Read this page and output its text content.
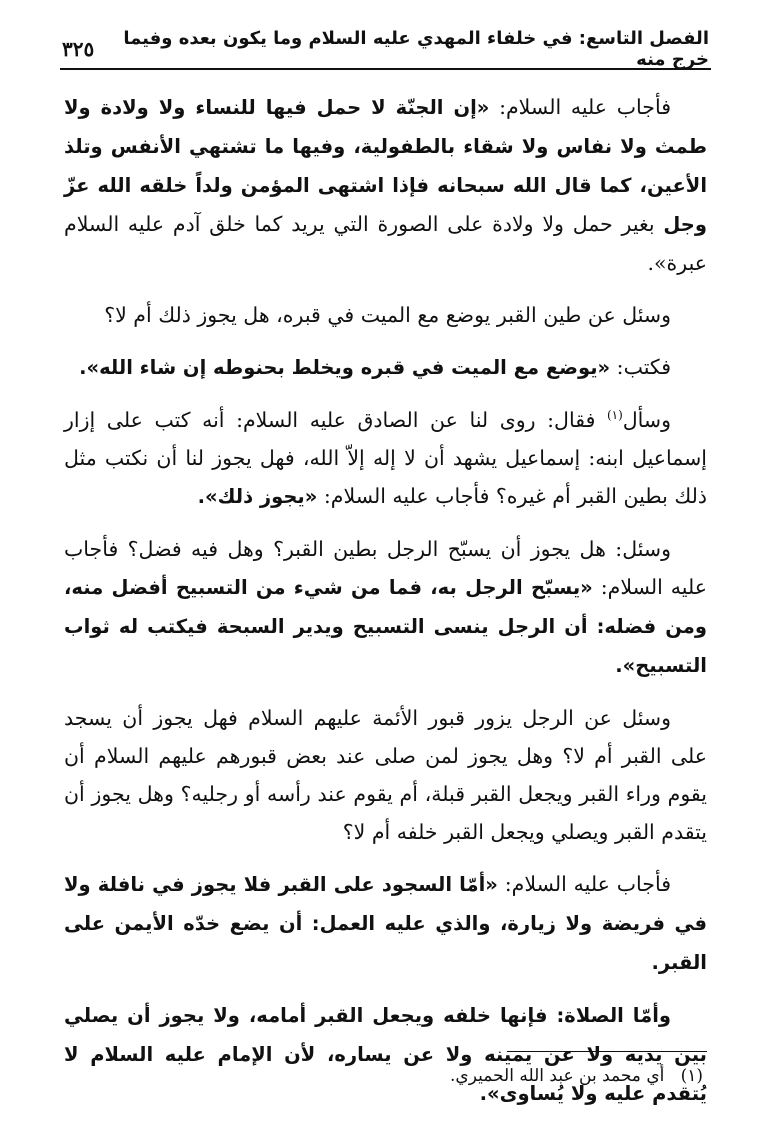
الفصل التاسع: في خلفاء المهدي عليه السلام وما يكون بعده وفيما خرج منه
٣٢٥

فأجاب عليه السلام: «إن الجنّة لا حمل فيها للنساء ولا ولادة ولا طمث ولا نفاس ولا شقاء بالطفولية، وفيها ما تشتهي الأنفس وتلذ الأعين، كما قال الله سبحانه فإذا اشتهى المؤمن ولداً خلقه الله عزّ وجل بغير حمل ولا ولادة على الصورة التي يريد كما خلق آدم عليه السلام عبرة».

وسئل عن طين القبر يوضع مع الميت في قبره، هل يجوز ذلك أم لا؟

فكتب: «يوضع مع الميت في قبره ويخلط بحنوطه إن شاء الله».

وسأل$^{(١)}$ فقال: روى لنا عن الصادق عليه السلام: أنه كتب على إزار إسماعيل ابنه: إسماعيل يشهد أن لا إله إلاّ الله، فهل يجوز لنا أن نكتب مثل ذلك بطين القبر أم غيره؟ فأجاب عليه السلام: «يجوز ذلك».

وسئل: هل يجوز أن يسبّح الرجل بطين القبر؟ وهل فيه فضل؟ فأجاب عليه السلام: «يسبّح الرجل به، فما من شيء من التسبيح أفضل منه، ومن فضله: أن الرجل ينسى التسبيح ويدير السبحة فيكتب له ثواب التسبيح».

وسئل عن الرجل يزور قبور الأئمة عليهم السلام فهل يجوز أن يسجد على القبر أم لا؟ وهل يجوز لمن صلى عند بعض قبورهم عليهم السلام أن يقوم وراء القبر ويجعل القبر قبلة، أم يقوم عند رأسه أو رجليه؟ وهل يجوز أن يتقدم القبر ويصلي ويجعل القبر خلفه أم لا؟

فأجاب عليه السلام: «أمّا السجود على القبر فلا يجوز في نافلة ولا في فريضة ولا زيارة، والذي عليه العمل: أن يضع خدّه الأيمن على القبر.

وأمّا الصلاة: فإنها خلفه ويجعل القبر أمامه، ولا يجوز أن يصلي بين يديه ولا عن يمينه ولا عن يساره، لأن الإمام عليه السلام لا يُتقدم عليه ولا يُساوى».

(١)   أي محمد بن عبد الله الحميري.
